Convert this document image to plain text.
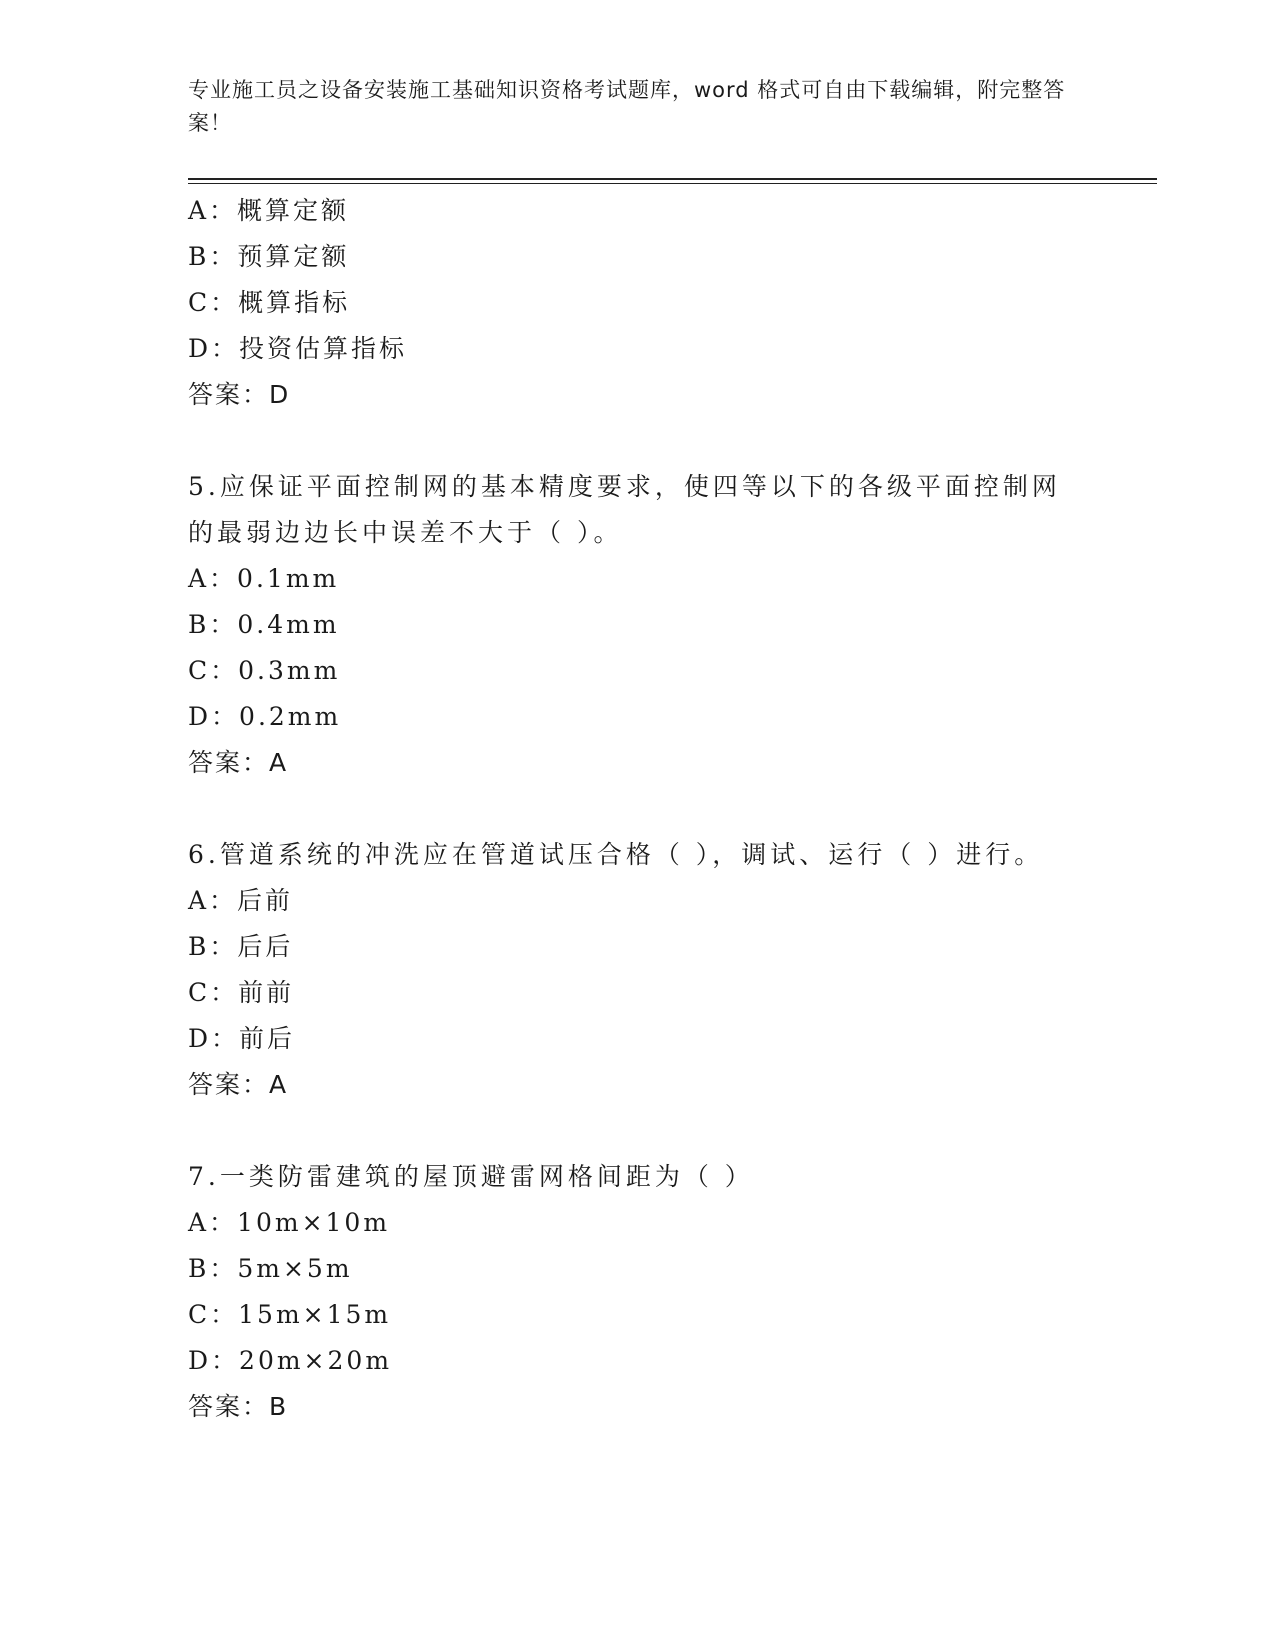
专业施工员之设备安装施工基础知识资格考试题库，word 格式可自由下载编辑，附完整答案！
A：概算定额
B：预算定额
C：概算指标
D：投资估算指标
答案：D
5.应保证平面控制网的基本精度要求，使四等以下的各级平面控制网的最弱边边长中误差不大于（ ）。
A：0.1mm
B：0.4mm
C：0.3mm
D：0.2mm
答案：A
6.管道系统的冲洗应在管道试压合格（ ），调试、运行（ ）进行。
A：后前
B：后后
C：前前
D：前后
答案：A
7.一类防雷建筑的屋顶避雷网格间距为（ ）
A：10m×10m
B：5m×5m
C：15m×15m
D：20m×20m
答案：B
